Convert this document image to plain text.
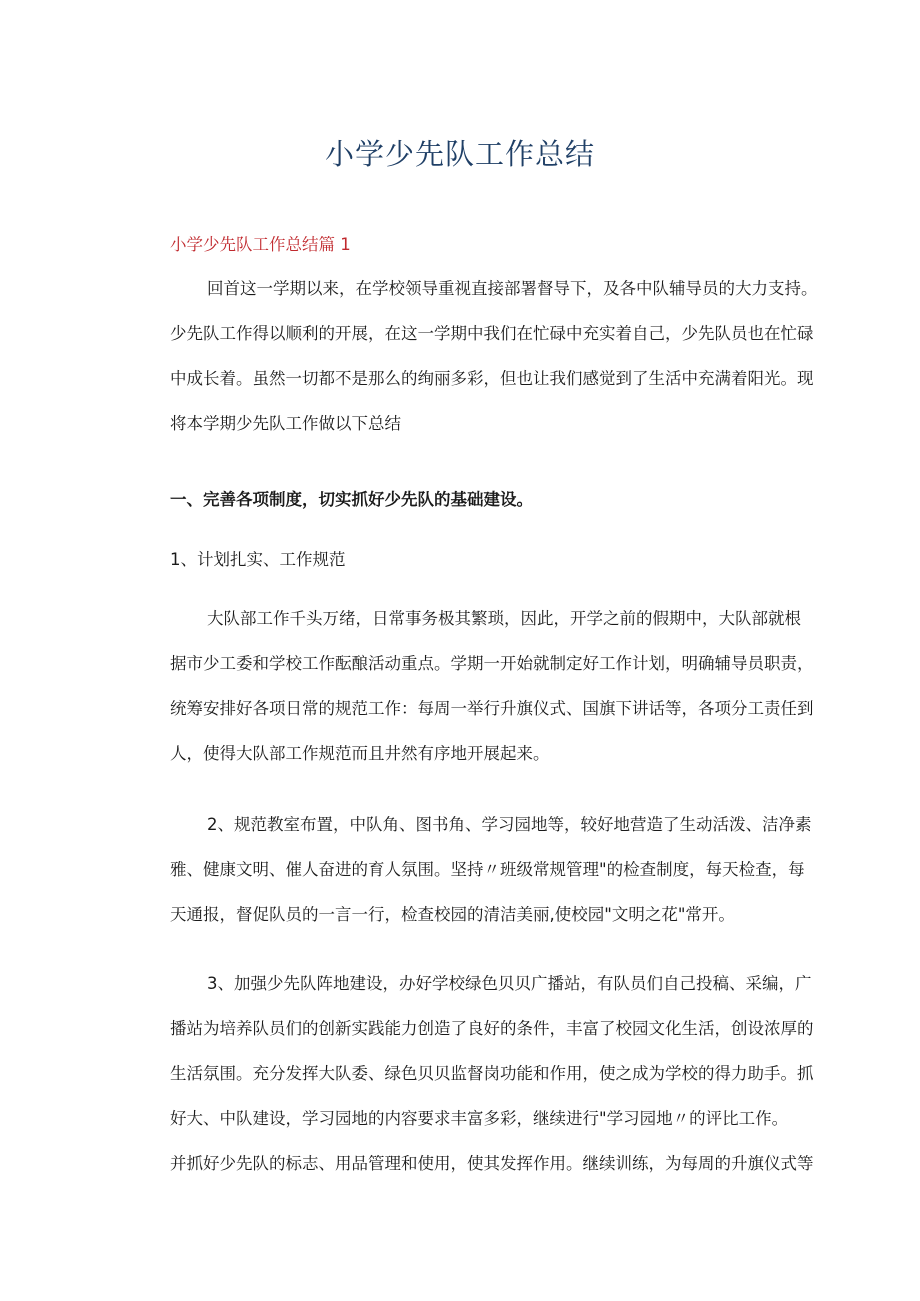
小学少先队工作总结

小学少先队工作总结篇 1

回首这一学期以来，在学校领导重视直接部署督导下，及各中队辅导员的大力支持。
少先队工作得以顺利的开展，在这一学期中我们在忙碌中充实着自己，少先队员也在忙碌
中成长着。虽然一切都不是那么的绚丽多彩，但也让我们感觉到了生活中充满着阳光。现
将本学期少先队工作做以下总结

一、完善各项制度，切实抓好少先队的基础建设。

1、计划扎实、工作规范

大队部工作千头万绪，日常事务极其繁琐，因此，开学之前的假期中，大队部就根
据市少工委和学校工作酝酿活动重点。学期一开始就制定好工作计划，明确辅导员职责，
统筹安排好各项日常的规范工作：每周一举行升旗仪式、国旗下讲话等，各项分工责任到
人，使得大队部工作规范而且井然有序地开展起来。
2、规范教室布置，中队角、图书角、学习园地等，较好地营造了生动活泼、洁净素
雅、健康文明、催人奋进的育人氛围。坚持〃班级常规管理"的检查制度，每天检查，每
天通报，督促队员的一言一行，检查校园的清洁美丽,使校园"文明之花"常开。
3、加强少先队阵地建设，办好学校绿色贝贝广播站，有队员们自己投稿、采编，广
播站为培养队员们的创新实践能力创造了良好的条件，丰富了校园文化生活，创设浓厚的
生活氛围。充分发挥大队委、绿色贝贝监督岗功能和作用，使之成为学校的得力助手。抓
好大、中队建设，学习园地的内容要求丰富多彩，继续进行"学习园地〃的评比工作。
并抓好少先队的标志、用品管理和使用，使其发挥作用。继续训练，为每周的升旗仪式等
